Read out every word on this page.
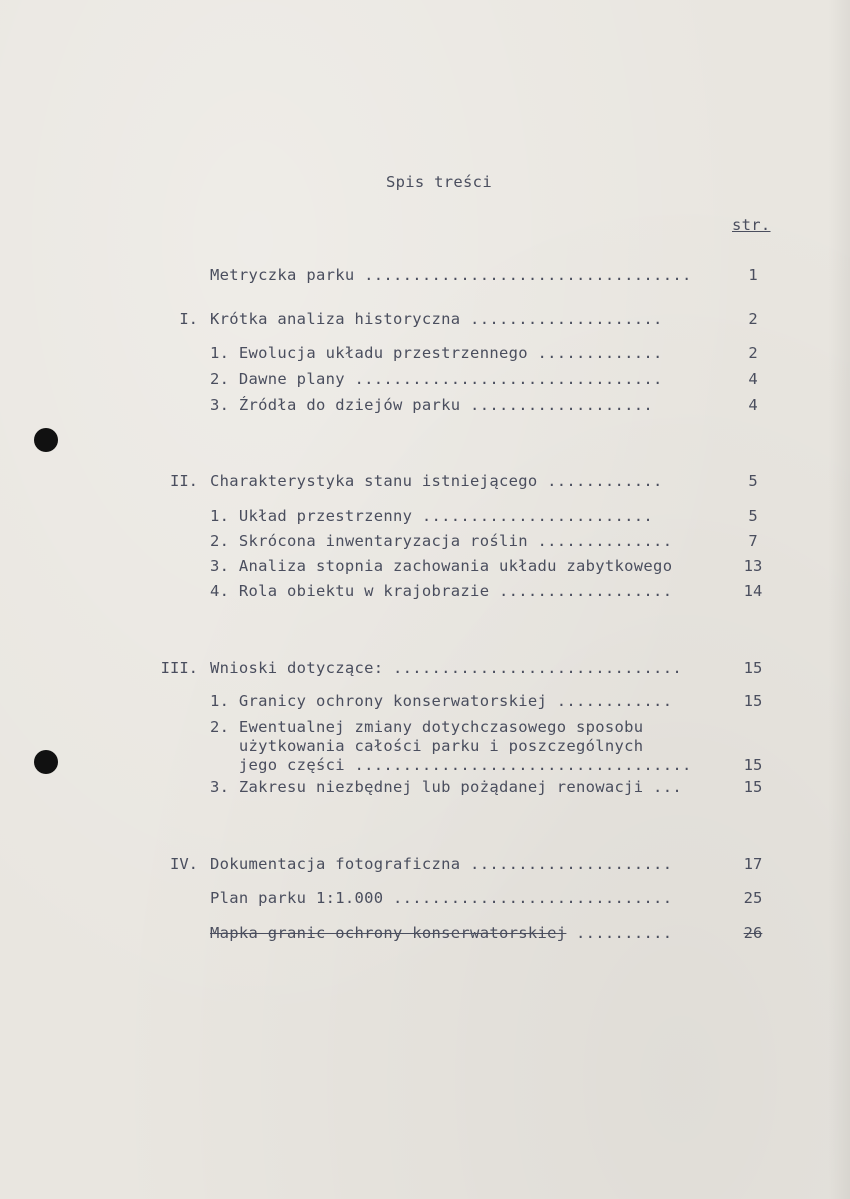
Spis treści
str.
Metryczka parku ..................................	1
I. Krótka analiza historyczna ....................	2
1. Ewolucja układu przestrzennego .............	2
2. Dawne plany ................................	4
3. Źródła do dziejów parku ...................	4
II. Charakterystyka stanu istniejącego ............	5
1. Układ przestrzenny ........................	5
2. Skrócona inwentaryzacja roślin ..............	7
3. Analiza stopnia zachowania układu zabytkowego	13
4. Rola obiektu w krajobrazie ..................	14
III. Wnioski dotyczące: ..............................	15
1. Granicy ochrony konserwatorskiej ............	15
2. Ewentualnej zmiany dotychczasowego sposobu
użytkowania całości parku i poszczególnych
jego części ...................................	15
3. Zakresu niezbędnej lub pożądanej renowacji ...	15
IV. Dokumentacja fotograficzna .....................	17
Plan parku 1:1.000 .............................	25
Mapka granic ochrony konserwatorskiej ..........	26
